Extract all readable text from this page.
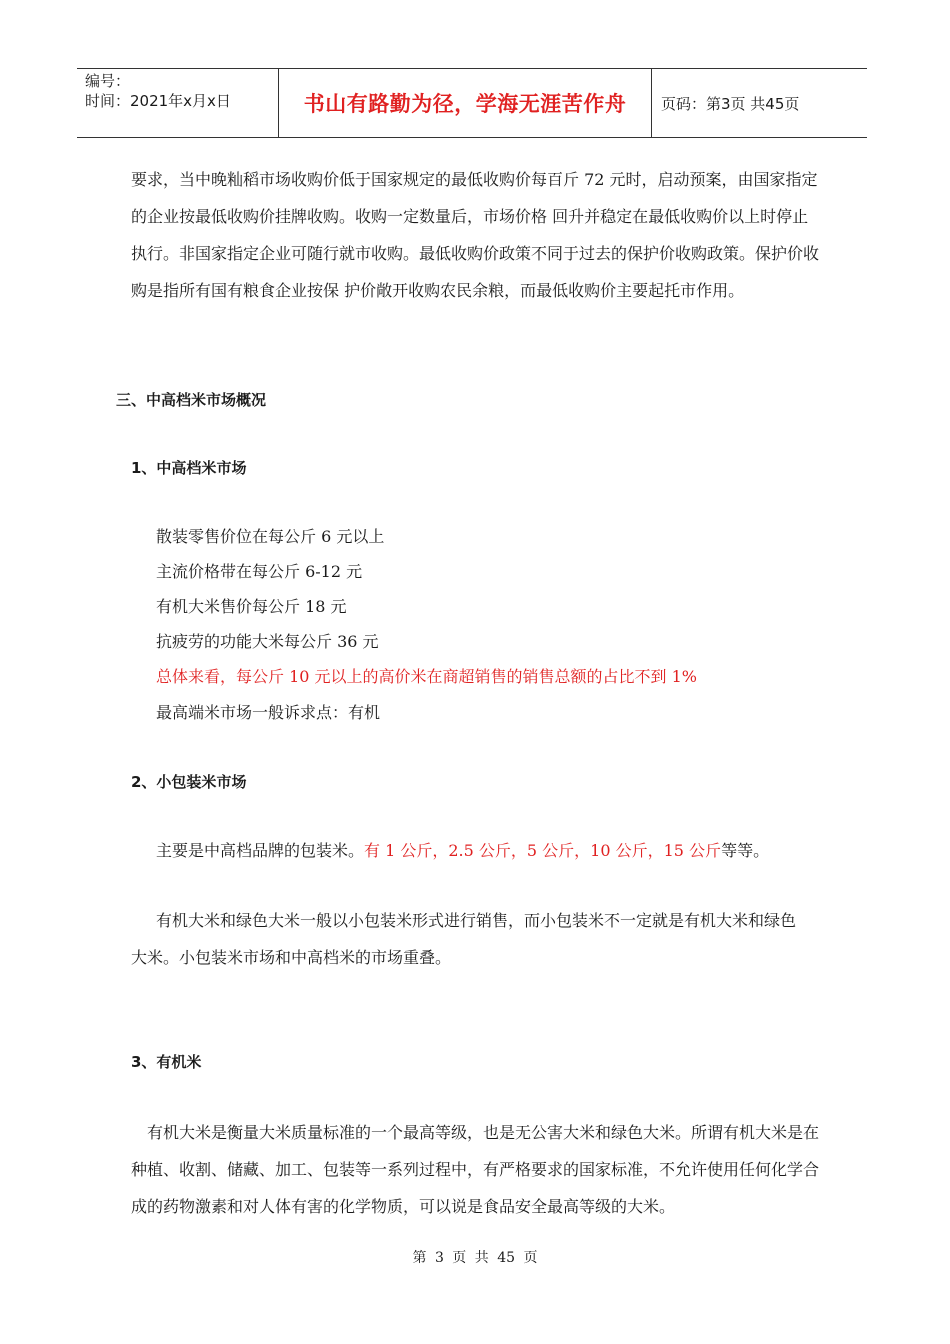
编号：
时间：2021年x月x日	书山有路勤为径，学海无涯苦作舟	页码：第3页 共45页

要求，当中晚籼稻市场收购价低于国家规定的最低收购价每百斤 72 元时，启动预案，由国家指定的企业按最低收购价挂牌收购。收购一定数量后，市场价格 回升并稳定在最低收购价以上时停止执行。非国家指定企业可随行就市收购。最低收购价政策不同于过去的保护价收购政策。保护价收购是指所有国有粮食企业按保 护价敞开收购农民余粮，而最低收购价主要起托市作用。

三、中高档米市场概况
1、中高档米市场

散装零售价位在每公斤 6 元以上

主流价格带在每公斤 6-12 元

有机大米售价每公斤 18 元

抗疲劳的功能大米每公斤 36 元

总体来看，每公斤 10 元以上的高价米在商超销售的销售总额的占比不到 1%

最高端米市场一般诉求点：有机

2、小包装米市场

主要是中高档品牌的包装米。有 1 公斤，2.5 公斤，5 公斤，10 公斤，15 公斤等等。

有机大米和绿色大米一般以小包装米形式进行销售，而小包装米不一定就是有机大米和绿色大米。小包装米市场和中高档米的市场重叠。

3、有机米

有机大米是衡量大米质量标准的一个最高等级，也是无公害大米和绿色大米。所谓有机大米是在种植、收割、储藏、加工、包装等一系列过程中，有严格要求的国家标准，不允许使用任何化学合成的药物激素和对人体有害的化学物质，可以说是食品安全最高等级的大米。

第 3 页 共 45 页
